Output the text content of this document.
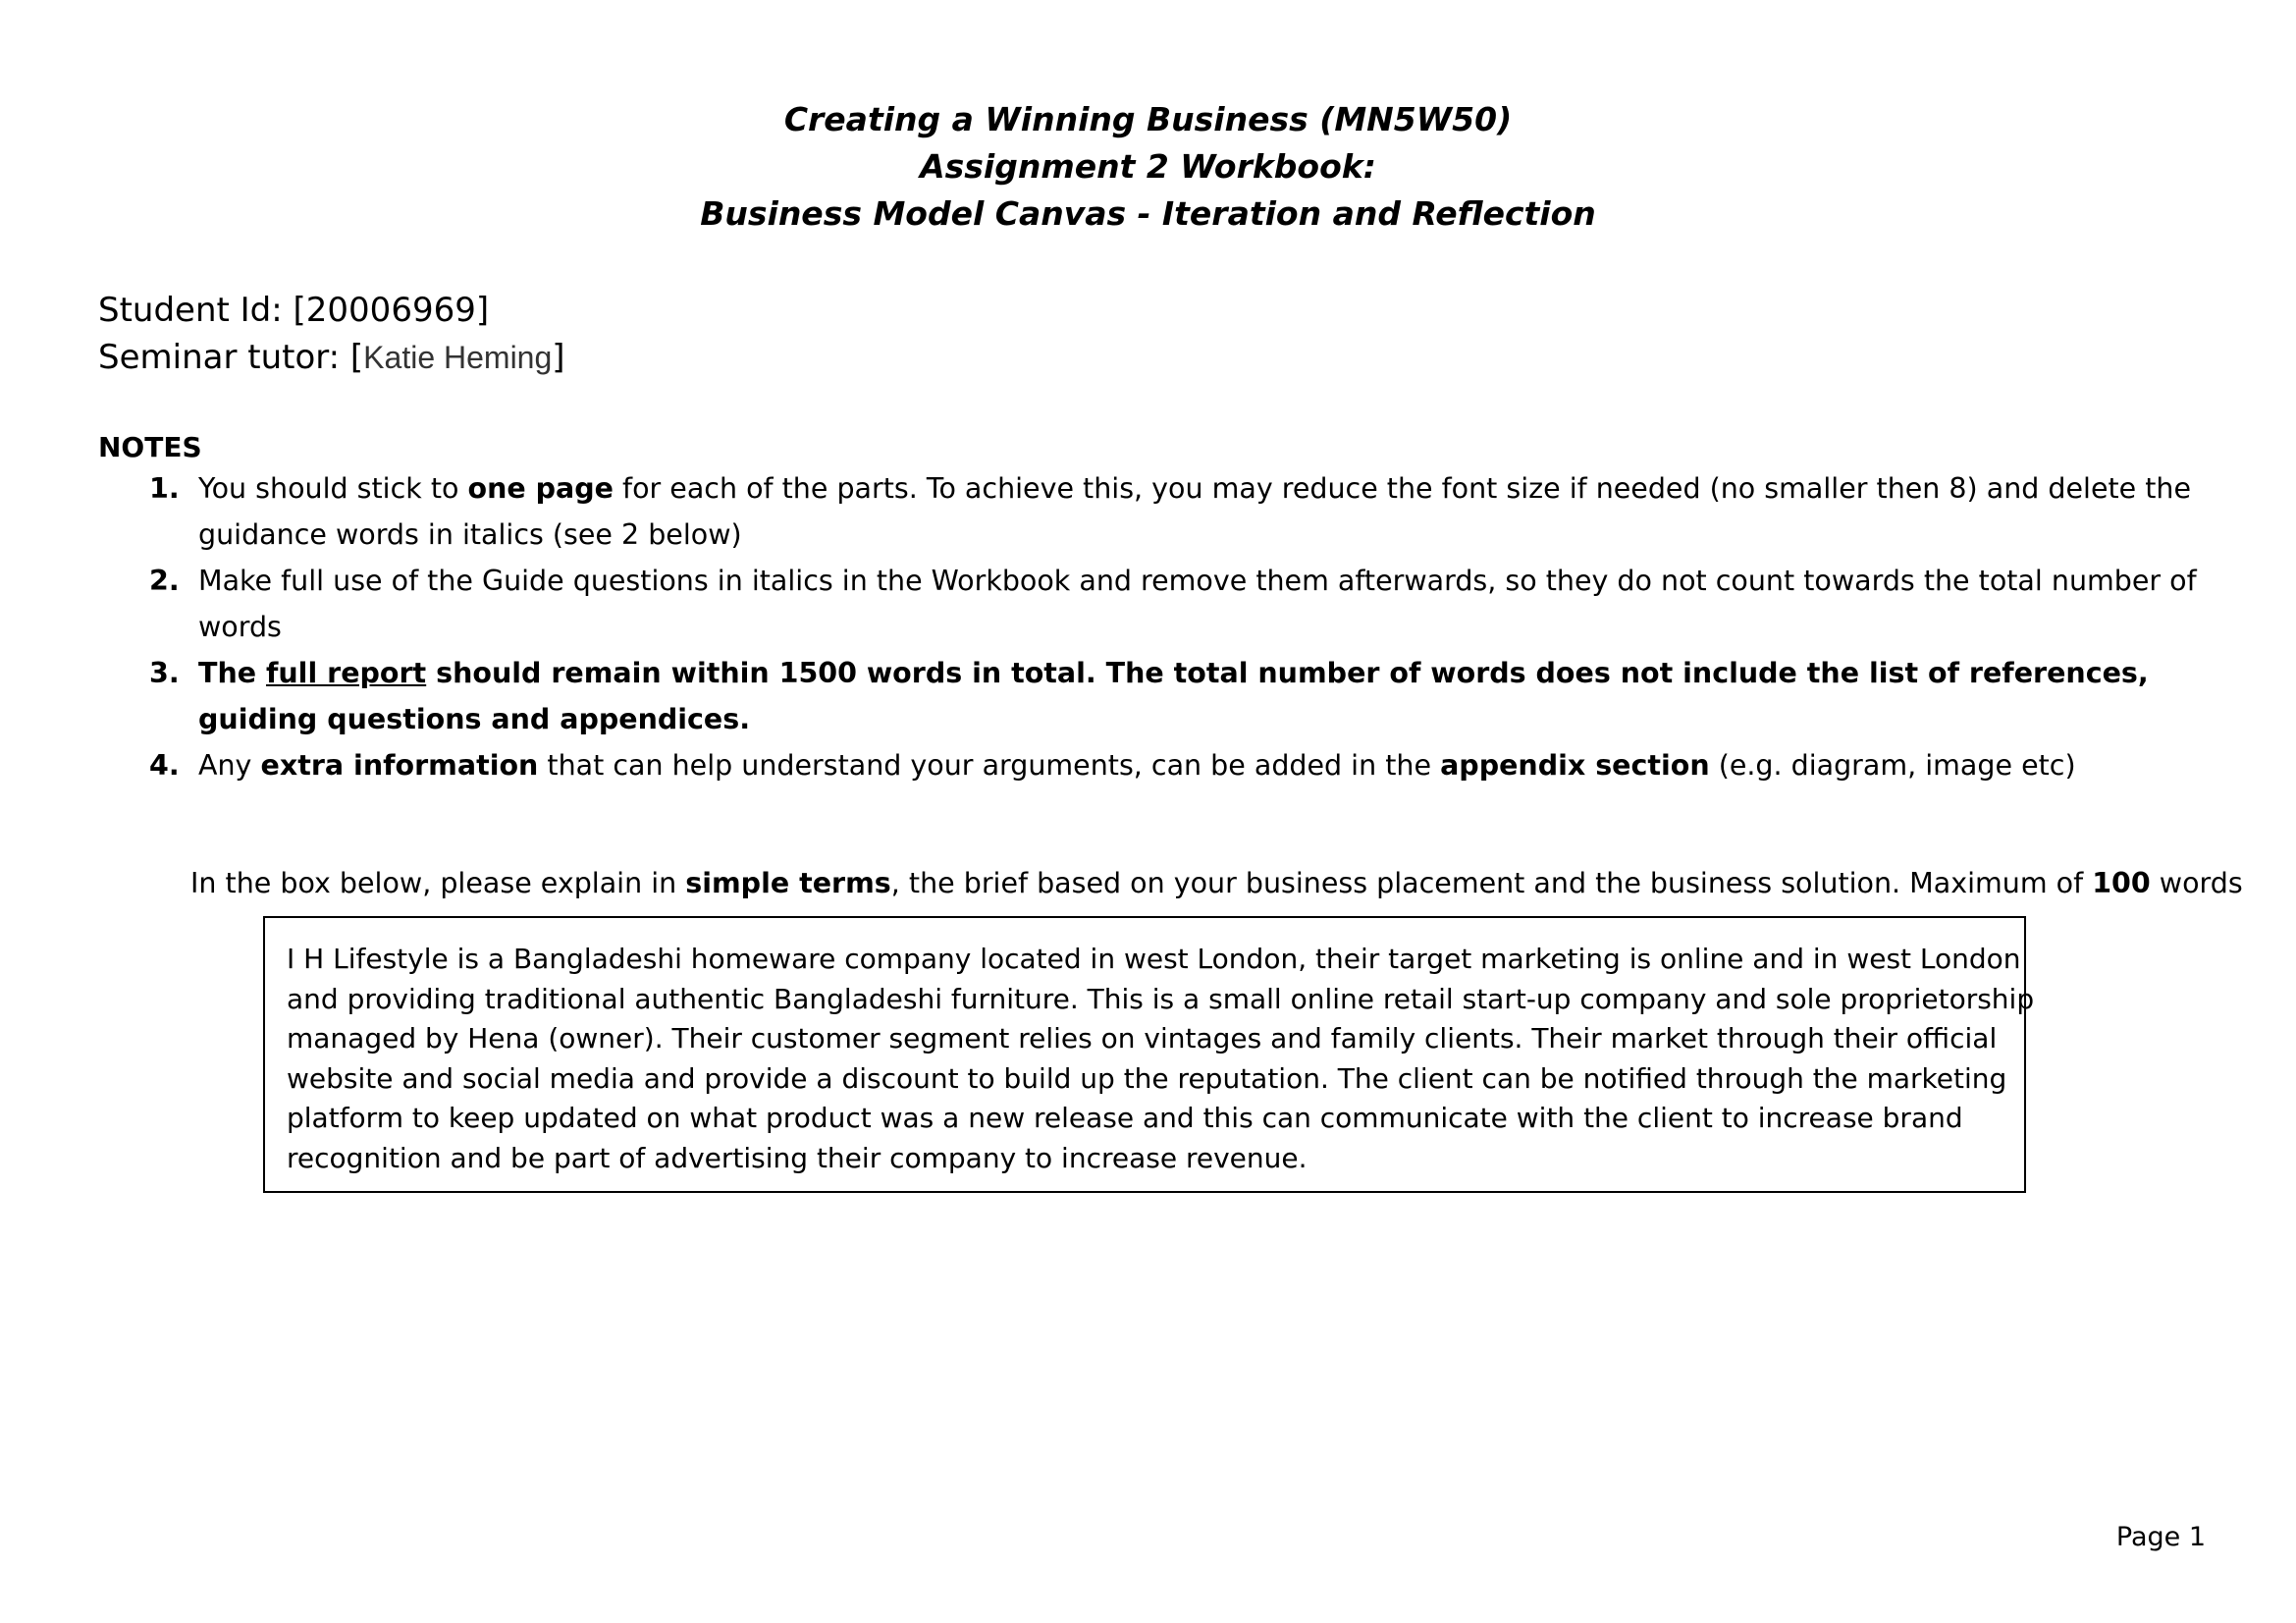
Creating a Winning Business (MN5W50)
Assignment 2 Workbook:
Business Model Canvas - Iteration and Reflection
Student Id: [20006969]
Seminar tutor: [Katie Heming]
NOTES
1. You should stick to one page for each of the parts. To achieve this, you may reduce the font size if needed (no smaller then 8) and delete the guidance words in italics (see 2 below)
2. Make full use of the Guide questions in italics in the Workbook and remove them afterwards, so they do not count towards the total number of words
3. The full report should remain within 1500 words in total. The total number of words does not include the list of references, guiding questions and appendices.
4. Any extra information that can help understand your arguments, can be added in the appendix section (e.g. diagram, image etc)
In the box below, please explain in simple terms, the brief based on your business placement and the business solution. Maximum of 100 words
I H Lifestyle is a Bangladeshi homeware company located in west London, their target marketing is online and in west London
and providing traditional authentic Bangladeshi furniture. This is a small online retail start-up company and sole proprietorship
managed by Hena (owner). Their customer segment relies on vintages and family clients. Their market through their official
website and social media and provide a discount to build up the reputation. The client can be notified through the marketing
platform to keep updated on what product was a new release and this can communicate with the client to increase brand
recognition and be part of advertising their company to increase revenue.
Page 1
